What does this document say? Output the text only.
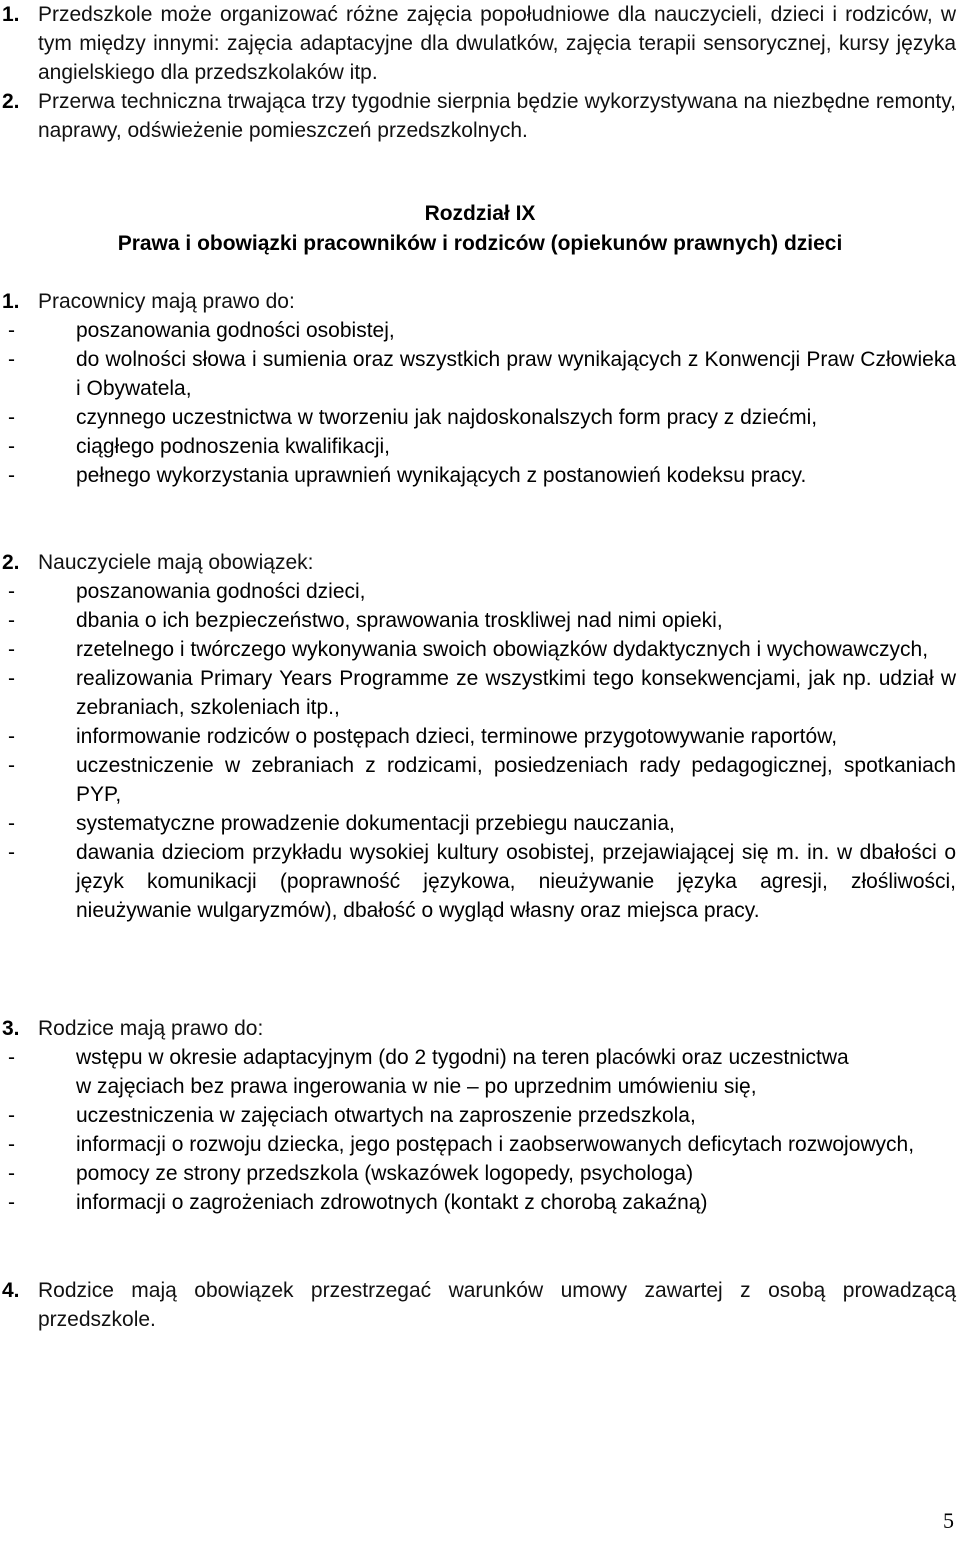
1. Przedszkole może organizować różne zajęcia popołudniowe dla nauczycieli, dzieci i rodziców, w tym między innymi: zajęcia adaptacyjne dla dwulatków, zajęcia terapii sensorycznej, kursy języka angielskiego dla przedszkolaków itp.
2. Przerwa techniczna trwająca trzy tygodnie sierpnia będzie wykorzystywana na niezbędne remonty, naprawy, odświeżenie pomieszczeń przedszkolnych.
Rozdział IX
Prawa i obowiązki pracowników i rodziców (opiekunów prawnych) dzieci
1. Pracownicy mają prawo do:
-	poszanowania godności osobistej,
-	do wolności słowa i sumienia oraz wszystkich praw wynikających z Konwencji Praw Człowieka i Obywatela,
-	czynnego uczestnictwa w tworzeniu jak najdoskonalszych form pracy z dziećmi,
-	ciągłego podnoszenia kwalifikacji,
-	pełnego wykorzystania uprawnień wynikających z postanowień kodeksu pracy.
2. Nauczyciele mają obowiązek:
-	poszanowania godności dzieci,
-	dbania o ich bezpieczeństwo, sprawowania troskliwej nad nimi opieki,
-	rzetelnego i twórczego wykonywania swoich obowiązków dydaktycznych i wychowawczych,
-	realizowania Primary Years Programme ze wszystkimi tego konsekwencjami, jak np. udział w zebraniach, szkoleniach itp.,
-	informowanie rodziców o postępach dzieci, terminowe przygotowywanie raportów,
-	uczestniczenie w zebraniach z rodzicami, posiedzeniach rady pedagogicznej, spotkaniach PYP,
-	systematyczne prowadzenie dokumentacji przebiegu nauczania,
-	dawania dzieciom przykładu wysokiej kultury osobistej, przejawiającej się m. in. w dbałości o język komunikacji (poprawność językowa, nieużywanie języka agresji, złośliwości, nieużywanie wulgaryzmów), dbałość o wygląd własny oraz miejsca pracy.
3. Rodzice mają prawo do:
-	wstępu w okresie adaptacyjnym (do 2 tygodni) na teren placówki oraz uczestnictwa
w zajęciach bez prawa ingerowania w nie – po uprzednim umówieniu się,
-	uczestniczenia w zajęciach otwartych na zaproszenie przedszkola,
-	informacji o rozwoju dziecka, jego postępach i zaobserwowanych deficytach rozwojowych,
-	pomocy ze strony przedszkola (wskazówek logopedy, psychologa)
-	informacji o zagrożeniach zdrowotnych (kontakt z chorobą zakaźną)
4. Rodzice mają obowiązek przestrzegać warunków umowy zawartej z osobą prowadzącą przedszkole.
5
